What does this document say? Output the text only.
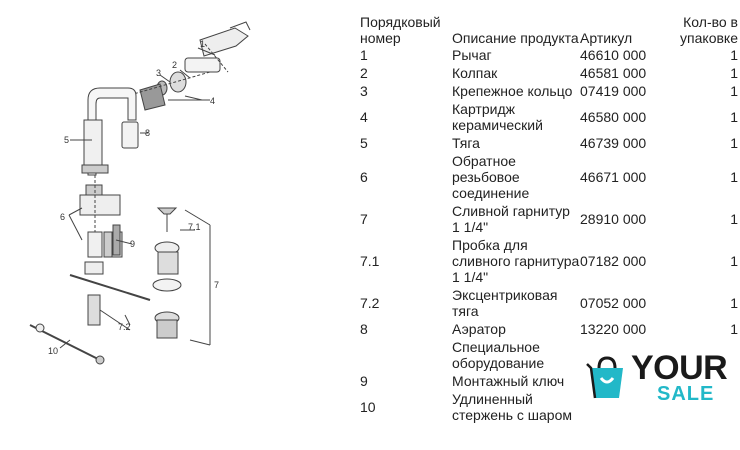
1
2
3
4
5
8
6
7.1
9
7
7.2
10
Порядковый номер	Описание продукта	Артикул	Кол-во в упаковке
1	Рычаг	46610 000	1
2	Колпак	46581 000	1
3	Крепежное кольцо	07419 000	1
4	Картридж керамический	46580 000	1
5	Тяга	46739 000	1
6	Обратное резьбовое соединение	46671 000	1
7	Сливной гарнитур 1 1/4"	28910 000	1
7.1	Пробка для сливного гарнитура 1 1/4"	07182 000	1
7.2	Эксцентриковая тяга	07052 000	1
8	Аэратор	13220 000	1
	Специальное оборудование		
9	Монтажный ключ		
10	Удлиненный стержень с шаром		
YOUR
SALE
